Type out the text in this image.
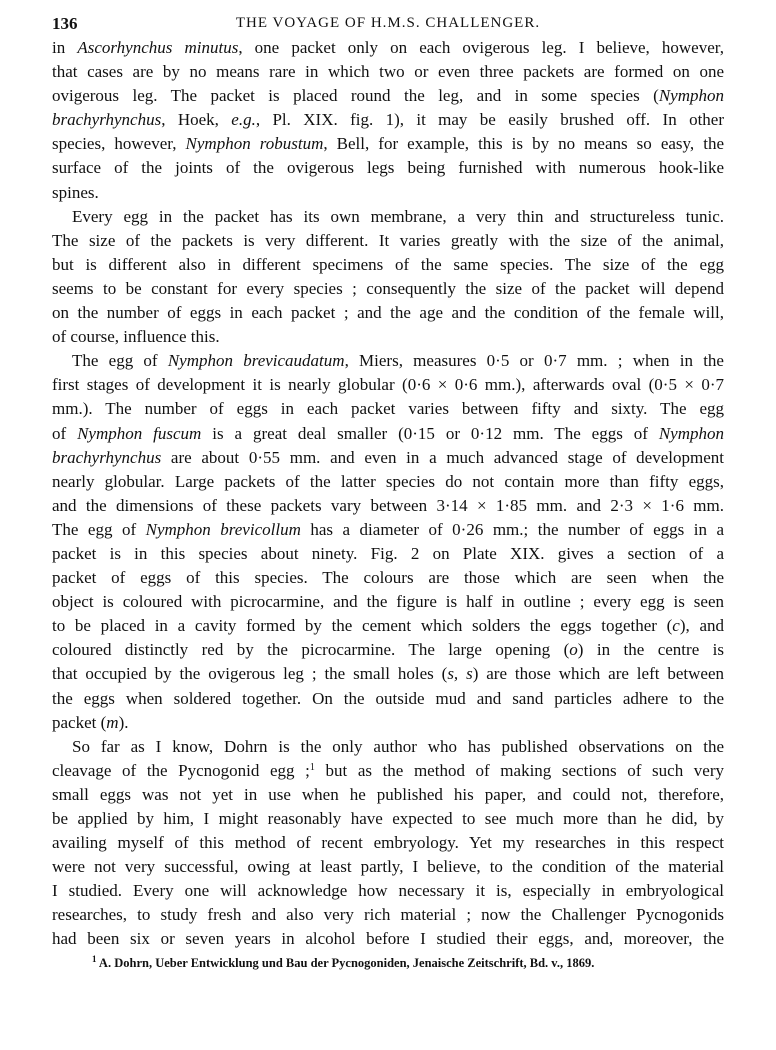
136	THE VOYAGE OF H.M.S. CHALLENGER.
in Ascorhynchus minutus, one packet only on each ovigerous leg. I believe, however,
that cases are by no means rare in which two or even three packets are formed on one
ovigerous leg. The packet is placed round the leg, and in some species (Nymphon
brachyrhynchus, Hoek, e.g., Pl. XIX. fig. 1), it may be easily brushed off. In other
species, however, Nymphon robustum, Bell, for example, this is by no means so easy, the
surface of the joints of the ovigerous legs being furnished with numerous hook-like
spines.
Every egg in the packet has its own membrane, a very thin and structureless tunic.
The size of the packets is very different. It varies greatly with the size of the animal,
but is different also in different specimens of the same species. The size of the egg
seems to be constant for every species ; consequently the size of the packet will depend
on the number of eggs in each packet ; and the age and the condition of the female will,
of course, influence this.
The egg of Nymphon brevicaudatum, Miers, measures 0·5 or 0·7 mm. ; when in the
first stages of development it is nearly globular (0·6 × 0·6 mm.), afterwards oval (0·5 × 0·7
mm.). The number of eggs in each packet varies between fifty and sixty. The egg
of Nymphon fuscum is a great deal smaller (0·15 or 0·12 mm. The eggs of Nymphon
brachyrhynchus are about 0·55 mm. and even in a much advanced stage of development
nearly globular. Large packets of the latter species do not contain more than fifty eggs,
and the dimensions of these packets vary between 3·14 × 1·85 mm. and 2·3 × 1·6 mm.
The egg of Nymphon brevicollum has a diameter of 0·26 mm.; the number of eggs in a
packet is in this species about ninety. Fig. 2 on Plate XIX. gives a section of a
packet of eggs of this species. The colours are those which are seen when the
object is coloured with picrocarmine, and the figure is half in outline ; every egg is seen
to be placed in a cavity formed by the cement which solders the eggs together (c), and
coloured distinctly red by the picrocarmine. The large opening (o) in the centre is
that occupied by the ovigerous leg ; the small holes (s, s) are those which are left between
the eggs when soldered together. On the outside mud and sand particles adhere to the
packet (m).
So far as I know, Dohrn is the only author who has published observations on the
cleavage of the Pycnogonid egg ;$^1$ but as the method of making sections of such very
small eggs was not yet in use when he published his paper, and could not, therefore,
be applied by him, I might reasonably have expected to see much more than he did, by
availing myself of this method of recent embryology. Yet my researches in this respect
were not very successful, owing at least partly, I believe, to the condition of the material
I studied. Every one will acknowledge how necessary it is, especially in embryological
researches, to study fresh and also very rich material ; now the Challenger Pycnogonids
had been six or seven years in alcohol before I studied their eggs, and, moreover, the
$^1$ A. Dohrn, Ueber Entwicklung und Bau der Pycnogoniden, Jenaische Zeitschrift, Bd. v., 1869.
